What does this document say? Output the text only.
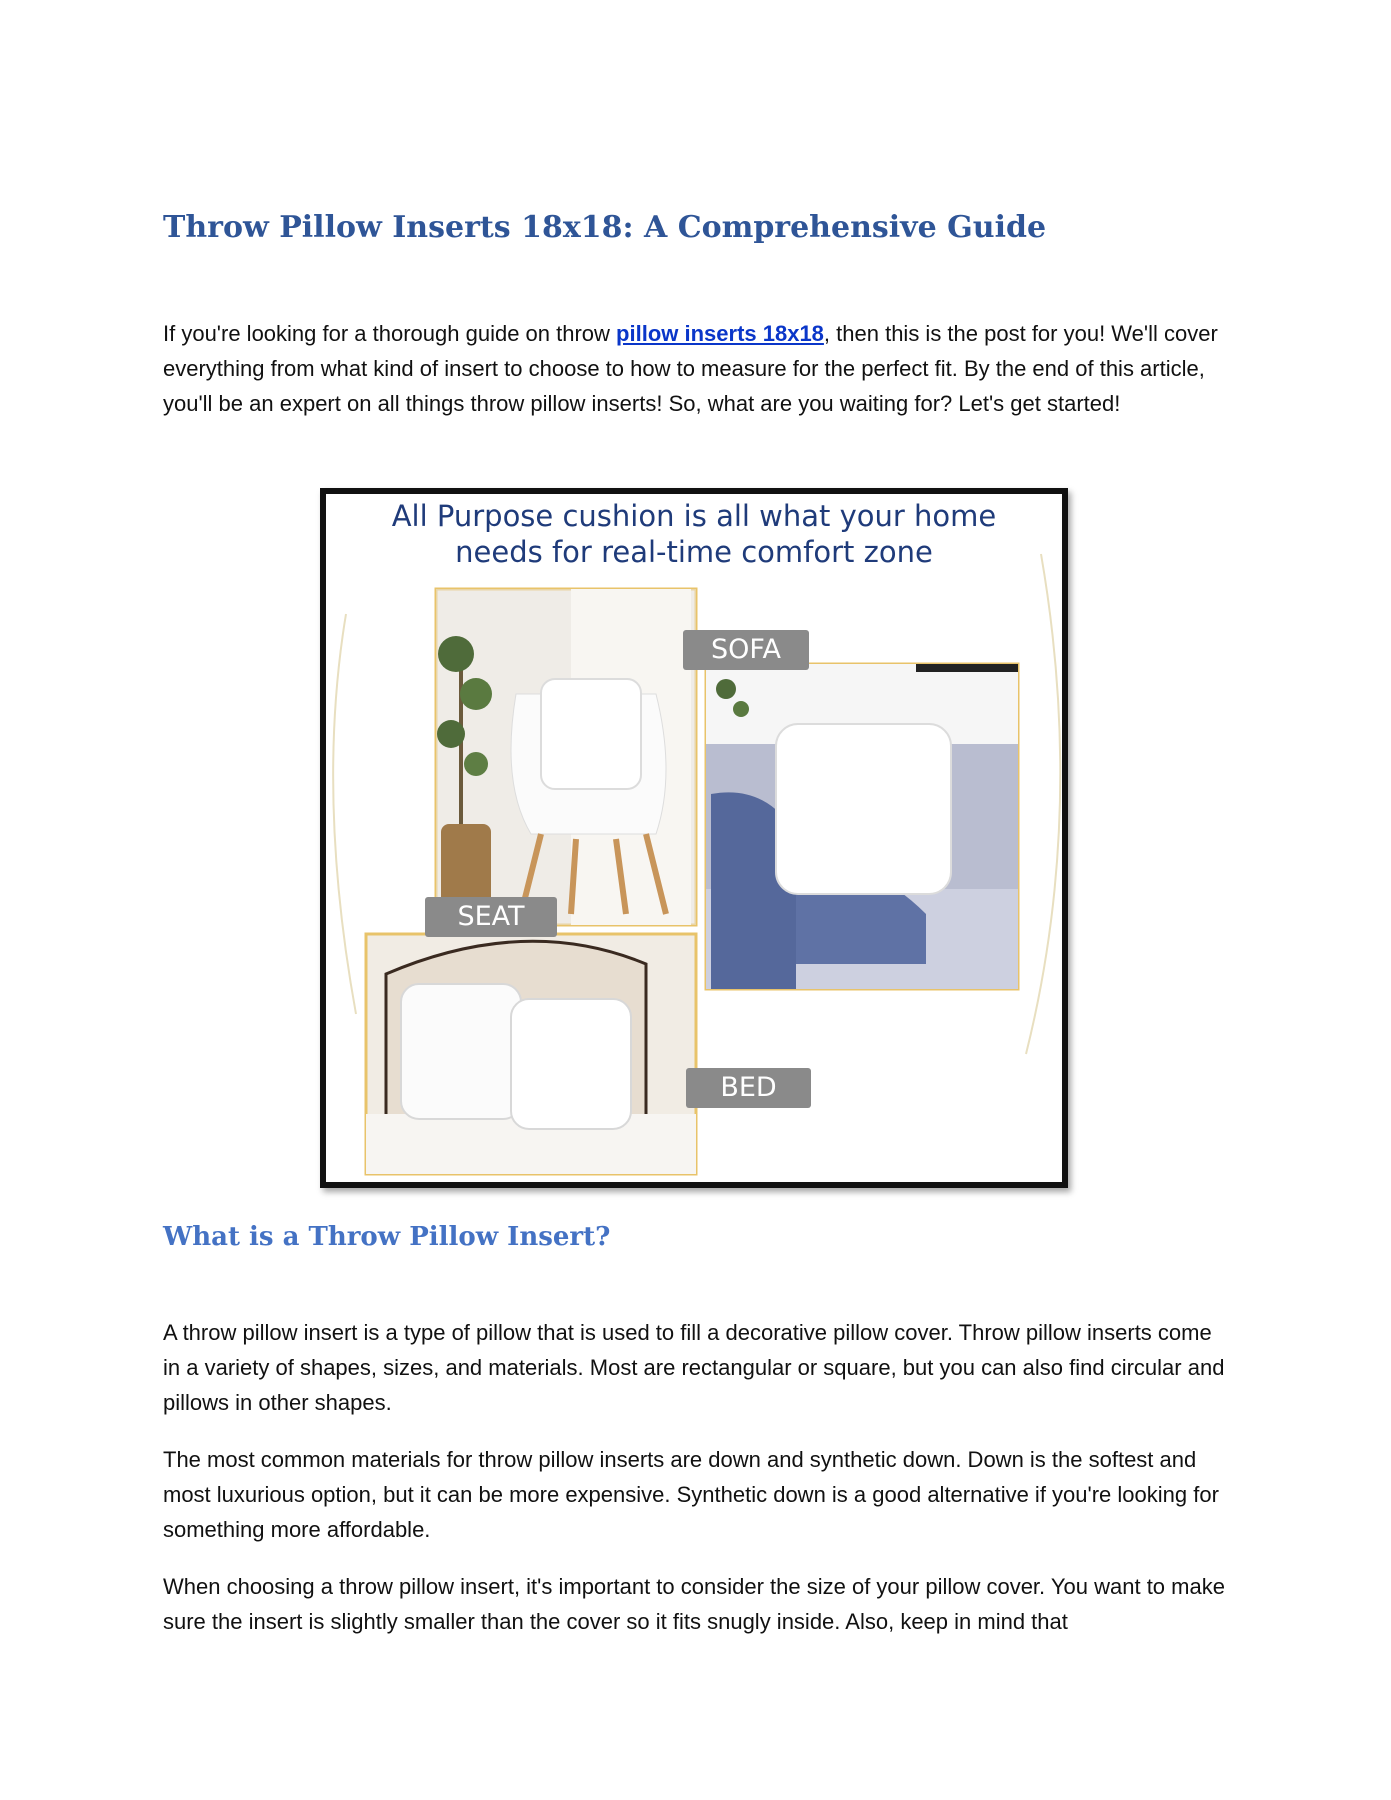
Throw Pillow Inserts 18x18: A Comprehensive Guide

If you're looking for a thorough guide on throw pillow inserts 18x18, then this is the post for you! We'll cover everything from what kind of insert to choose to how to measure for the perfect fit. By the end of this article, you'll be an expert on all things throw pillow inserts! So, what are you waiting for? Let's get started!

All Purpose cushion is all what your home
needs for real-time comfort zone
SEAT
SOFA
BED
What is a Throw Pillow Insert?

A throw pillow insert is a type of pillow that is used to fill a decorative pillow cover. Throw pillow inserts come in a variety of shapes, sizes, and materials. Most are rectangular or square, but you can also find circular and pillows in other shapes.

The most common materials for throw pillow inserts are down and synthetic down. Down is the softest and most luxurious option, but it can be more expensive. Synthetic down is a good alternative if you're looking for something more affordable.

When choosing a throw pillow insert, it's important to consider the size of your pillow cover. You want to make sure the insert is slightly smaller than the cover so it fits snugly inside. Also, keep in mind that
